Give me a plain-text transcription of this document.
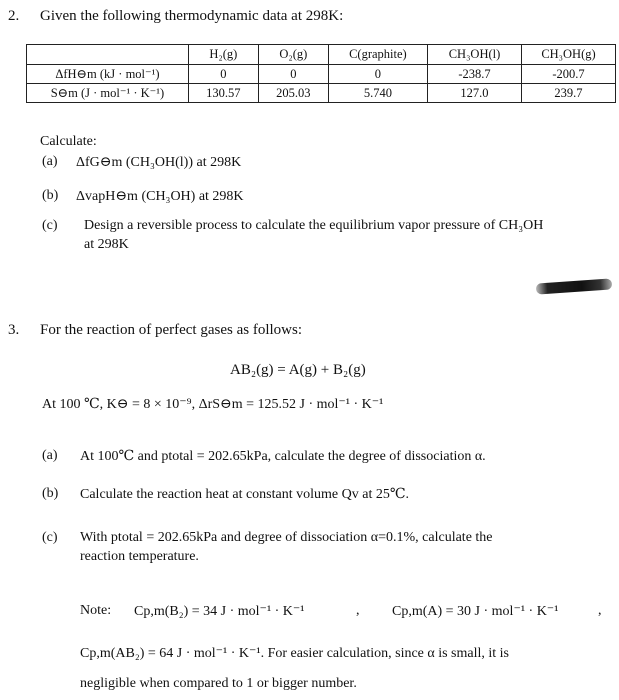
2. Given the following thermodynamic data at 298K:
	H₂(g)	O₂(g)	C(graphite)	CH₃OH(l)	CH₃OH(g)
ΔfH⊖m (kJ · mol⁻¹)	0	0	0	-238.7	-200.7
S⊖m (J · mol⁻¹ · K⁻¹)	130.57	205.03	5.740	127.0	239.7
Calculate:
(a) ΔfG⊖m (CH₃OH(l)) at 298K
(b) ΔvapH⊖m (CH₃OH) at 298K
(c) Design a reversible process to calculate the equilibrium vapor pressure of CH₃OH
at 298K
3. For the reaction of perfect gases as follows:
AB₂(g) = A(g) + B₂(g)
At 100 ℃, K⊖ = 8 × 10⁻⁹, ΔrS⊖m = 125.52 J · mol⁻¹ · K⁻¹
(a) At 100℃ and ptotal = 202.65kPa, calculate the degree of dissociation α.
(b) Calculate the reaction heat at constant volume Qv at 25℃.
(c) With ptotal = 202.65kPa and degree of dissociation α=0.1%, calculate the
reaction temperature.
Note: Cp,m(B₂) = 34 J · mol⁻¹ · K⁻¹	, Cp,m(A) = 30 J · mol⁻¹ · K⁻¹	,
Cp,m(AB₂) = 64 J · mol⁻¹ · K⁻¹. For easier calculation, since α is small, it is
negligible when compared to 1 or bigger number.
